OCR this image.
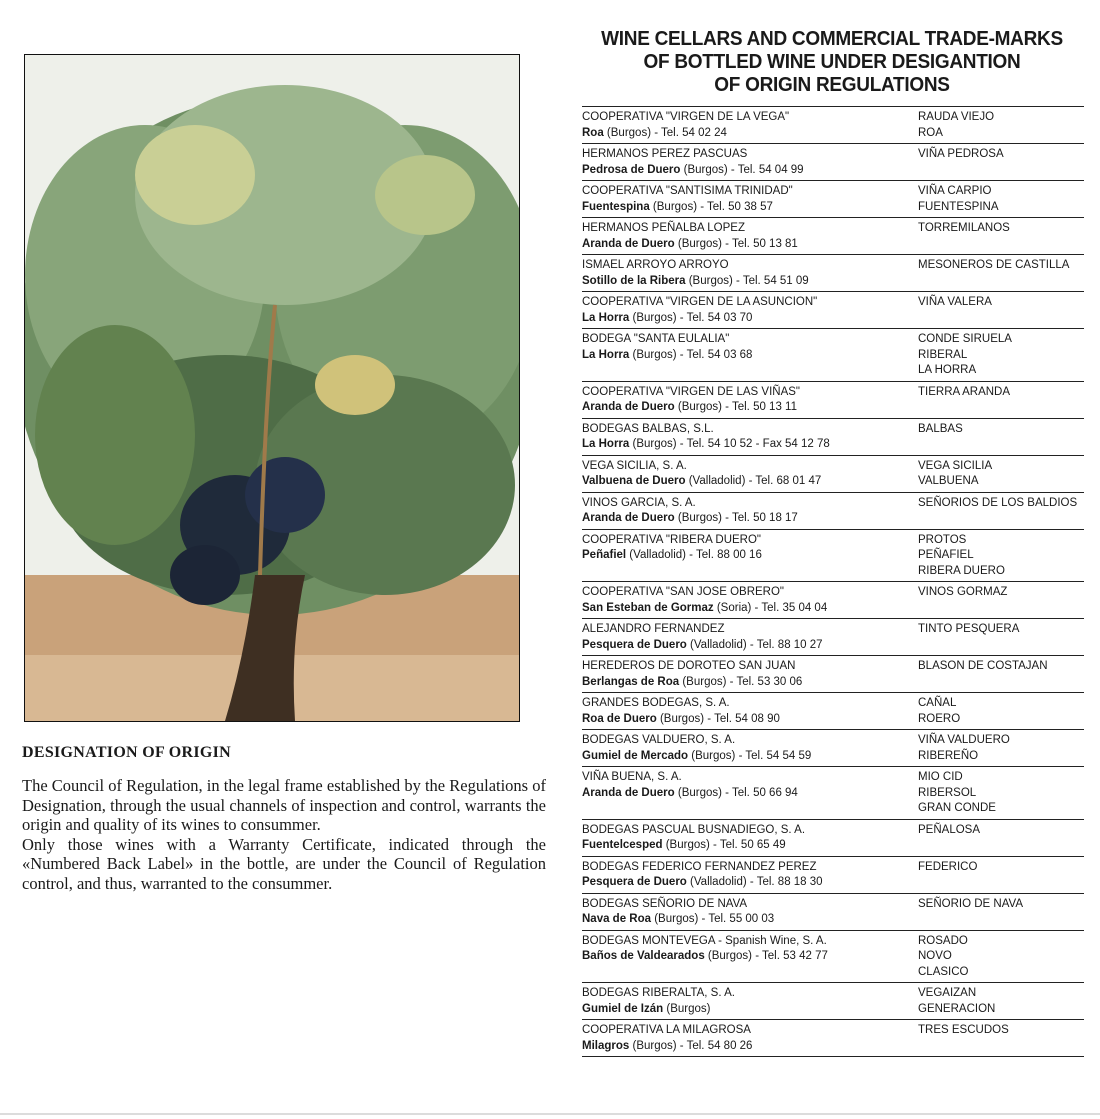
DESIGNATION OF ORIGIN

The Council of Regulation, in the legal frame established by the Regulations of Designation, through the usual channels of inspection and control, warrants the origin and quality of its wines to consummer.

Only those wines with a Warranty Certificate, indicated through the «Numbered Back Label» in the bottle, are under the Council of Regulation control, and thus, warranted to the consummer.

WINE CELLARS AND COMMERCIAL TRADE-MARKS
OF BOTTLED WINE UNDER DESIGANTION
OF ORIGIN REGULATIONS
COOPERATIVA "VIRGEN DE LA VEGA"
Roa (Burgos) - Tel. 54 02 24
RAUDA VIEJO
ROA
HERMANOS PEREZ PASCUAS
Pedrosa de Duero (Burgos) - Tel. 54 04 99
VIÑA PEDROSA
COOPERATIVA "SANTISIMA TRINIDAD"
Fuentespina (Burgos) - Tel. 50 38 57
VIÑA CARPIO
FUENTESPINA
HERMANOS PEÑALBA LOPEZ
Aranda de Duero (Burgos) - Tel. 50 13 81
TORREMILANOS
ISMAEL ARROYO ARROYO
Sotillo de la Ribera (Burgos) - Tel. 54 51 09
MESONEROS DE CASTILLA
COOPERATIVA "VIRGEN DE LA ASUNCION"
La Horra (Burgos) - Tel. 54 03 70
VIÑA VALERA
BODEGA "SANTA EULALIA"
La Horra (Burgos) - Tel. 54 03 68
CONDE SIRUELA
RIBERAL
LA HORRA
COOPERATIVA "VIRGEN DE LAS VIÑAS"
Aranda de Duero (Burgos) - Tel. 50 13 11
TIERRA ARANDA
BODEGAS BALBAS, S.L.
La Horra (Burgos) - Tel. 54 10 52 - Fax 54 12 78
BALBAS
VEGA SICILIA, S. A.
Valbuena de Duero (Valladolid) - Tel. 68 01 47
VEGA SICILIA
VALBUENA
VINOS GARCIA, S. A.
Aranda de Duero (Burgos) - Tel. 50 18 17
SEÑORIOS DE LOS BALDIOS
COOPERATIVA "RIBERA DUERO"
Peñafiel (Valladolid) - Tel. 88 00 16
PROTOS
PEÑAFIEL
RIBERA DUERO
COOPERATIVA "SAN JOSE OBRERO"
San Esteban de Gormaz (Soria) - Tel. 35 04 04
VINOS GORMAZ
ALEJANDRO FERNANDEZ
Pesquera de Duero (Valladolid) - Tel. 88 10 27
TINTO PESQUERA
HEREDEROS DE DOROTEO SAN JUAN
Berlangas de Roa (Burgos) - Tel. 53 30 06
BLASON DE COSTAJAN
GRANDES BODEGAS, S. A.
Roa de Duero (Burgos) - Tel. 54 08 90
CAÑAL
ROERO
BODEGAS VALDUERO, S. A.
Gumiel de Mercado (Burgos) - Tel. 54 54 59
VIÑA VALDUERO
RIBEREÑO
VIÑA BUENA, S. A.
Aranda de Duero (Burgos) - Tel. 50 66 94
MIO CID
RIBERSOL
GRAN CONDE
BODEGAS PASCUAL BUSNADIEGO, S. A.
Fuentelcesped (Burgos) - Tel. 50 65 49
PEÑALOSA
BODEGAS FEDERICO FERNANDEZ PEREZ
Pesquera de Duero (Valladolid) - Tel. 88 18 30
FEDERICO
BODEGAS SEÑORIO DE NAVA
Nava de Roa (Burgos) - Tel. 55 00 03
SEÑORIO DE NAVA
BODEGAS MONTEVEGA - Spanish Wine, S. A.
Baños de Valdearados (Burgos) - Tel. 53 42 77
ROSADO
NOVO
CLASICO
BODEGAS RIBERALTA, S. A.
Gumiel de Izán (Burgos)
VEGAIZAN
GENERACION
COOPERATIVA LA MILAGROSA
Milagros (Burgos) - Tel. 54 80 26
TRES ESCUDOS
